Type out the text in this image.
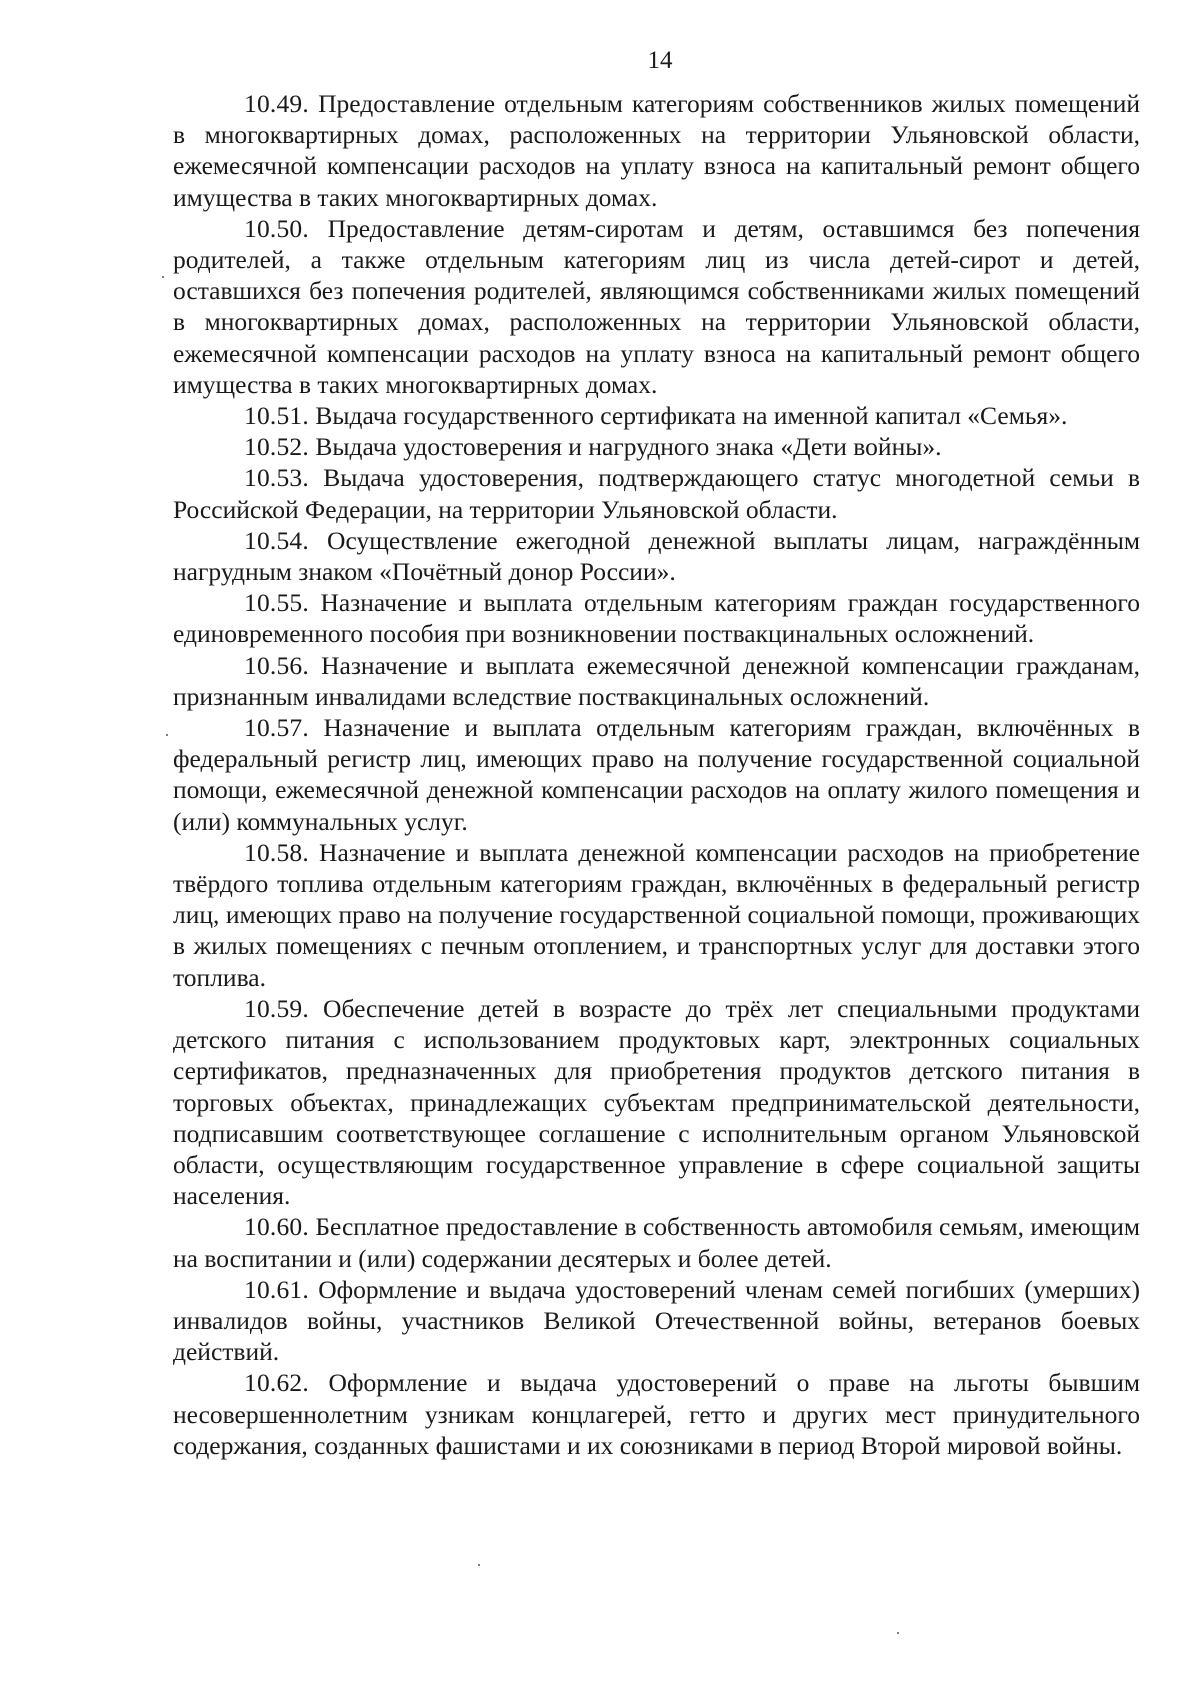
14

10.49. Предоставление отдельным категориям собственников жилых помещений в многоквартирных домах, расположенных на территории Ульяновской области, ежемесячной компенсации расходов на уплату взноса на капитальный ремонт общего имущества в таких многоквартирных домах.

10.50. Предоставление детям-сиротам и детям, оставшимся без попечения родителей, а также отдельным категориям лиц из числа детей-сирот и детей, оставшихся без попечения родителей, являющимся собственниками жилых помещений в многоквартирных домах, расположенных на территории Ульяновской области, ежемесячной компенсации расходов на уплату взноса на капитальный ремонт общего имущества в таких многоквартирных домах.

10.51. Выдача государственного сертификата на именной капитал «Семья».

10.52. Выдача удостоверения и нагрудного знака «Дети войны».

10.53. Выдача удостоверения, подтверждающего статус многодетной семьи в Российской Федерации, на территории Ульяновской области.

10.54. Осуществление ежегодной денежной выплаты лицам, награждённым нагрудным знаком «Почётный донор России».

10.55. Назначение и выплата отдельным категориям граждан государственного единовременного пособия при возникновении поствакцинальных осложнений.

10.56. Назначение и выплата ежемесячной денежной компенсации гражданам, признанным инвалидами вследствие поствакцинальных осложнений.

10.57. Назначение и выплата отдельным категориям граждан, включённых в федеральный регистр лиц, имеющих право на получение государственной социальной помощи, ежемесячной денежной компенсации расходов на оплату жилого помещения и (или) коммунальных услуг.

10.58. Назначение и выплата денежной компенсации расходов на приобретение твёрдого топлива отдельным категориям граждан, включённых в федеральный регистр лиц, имеющих право на получение государственной социальной помощи, проживающих в жилых помещениях с печным отоплением, и транспортных услуг для доставки этого топлива.

10.59. Обеспечение детей в возрасте до трёх лет специальными продуктами детского питания с использованием продуктовых карт, электронных социальных сертификатов, предназначенных для приобретения продуктов детского питания в торговых объектах, принадлежащих субъектам предпринимательской деятельности, подписавшим соответствующее соглашение с исполнительным органом Ульяновской области, осуществляющим государственное управление в сфере социальной защиты населения.

10.60. Бесплатное предоставление в собственность автомобиля семьям, имеющим на воспитании и (или) содержании десятерых и более детей.

10.61. Оформление и выдача удостоверений членам семей погибших (умерших) инвалидов войны, участников Великой Отечественной войны, ветеранов боевых действий.

10.62. Оформление и выдача удостоверений о праве на льготы бывшим несовершеннолетним узникам концлагерей, гетто и других мест принудительного содержания, созданных фашистами и их союзниками в период Второй мировой войны.
